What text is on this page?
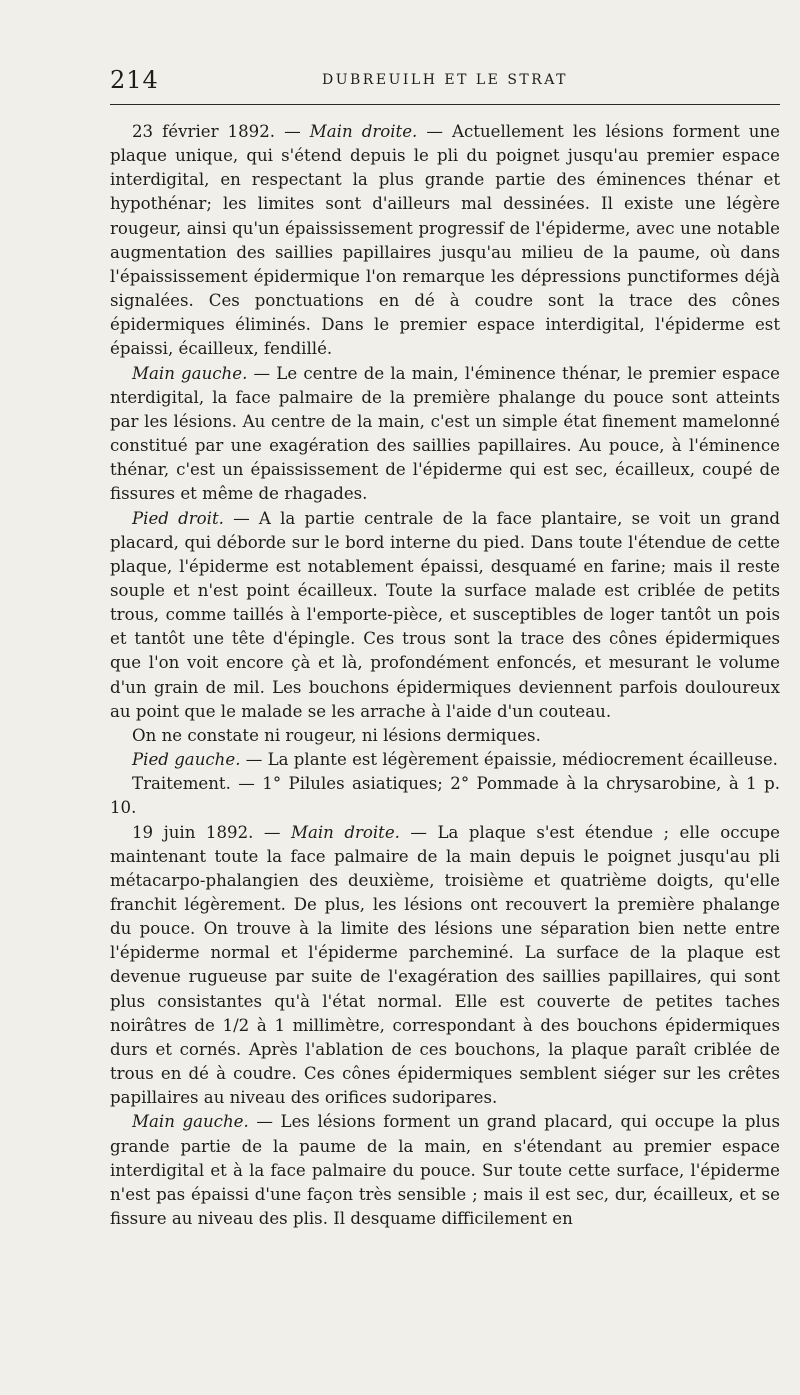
214	DUBREUILH ET LE STRAT

23 février 1892. — Main droite. — Actuellement les lésions forment une plaque unique, qui s'étend depuis le pli du poignet jusqu'au premier espace interdigital, en respectant la plus grande partie des éminences thénar et hypothénar; les limites sont d'ailleurs mal dessinées. Il existe une légère rougeur, ainsi qu'un épaississement progressif de l'épiderme, avec une notable augmentation des saillies papillaires jusqu'au milieu de la paume, où dans l'épaississement épidermique l'on remarque les dépressions punctiformes déjà signalées. Ces ponctuations en dé à coudre sont la trace des cônes épidermiques éliminés. Dans le premier espace interdigital, l'épiderme est épaissi, écailleux, fendillé.

Main gauche. — Le centre de la main, l'éminence thénar, le premier espace nterdigital, la face palmaire de la première phalange du pouce sont atteints par les lésions. Au centre de la main, c'est un simple état finement mamelonné constitué par une exagération des saillies papillaires. Au pouce, à l'éminence thénar, c'est un épaississement de l'épiderme qui est sec, écailleux, coupé de fissures et même de rhagades.

Pied droit. — A la partie centrale de la face plantaire, se voit un grand placard, qui déborde sur le bord interne du pied. Dans toute l'étendue de cette plaque, l'épiderme est notablement épaissi, desquamé en farine; mais il reste souple et n'est point écailleux. Toute la surface malade est criblée de petits trous, comme taillés à l'emporte-pièce, et susceptibles de loger tantôt un pois et tantôt une tête d'épingle. Ces trous sont la trace des cônes épidermiques que l'on voit encore çà et là, profondément enfoncés, et mesurant le volume d'un grain de mil. Les bouchons épidermiques deviennent parfois douloureux au point que le malade se les arrache à l'aide d'un couteau.

On ne constate ni rougeur, ni lésions dermiques.

Pied gauche. — La plante est légèrement épaissie, médiocrement écailleuse.

Traitement. — 1° Pilules asiatiques; 2° Pommade à la chrysarobine, à 1 p. 10.

19 juin 1892. — Main droite. — La plaque s'est étendue ; elle occupe maintenant toute la face palmaire de la main depuis le poignet jusqu'au pli métacarpo-phalangien des deuxième, troisième et quatrième doigts, qu'elle franchit légèrement. De plus, les lésions ont recouvert la première phalange du pouce. On trouve à la limite des lésions une séparation bien nette entre l'épiderme normal et l'épiderme parcheminé. La surface de la plaque est devenue rugueuse par suite de l'exagération des saillies papillaires, qui sont plus consistantes qu'à l'état normal. Elle est couverte de petites taches noirâtres de 1/2 à 1 millimètre, correspondant à des bouchons épidermiques durs et cornés. Après l'ablation de ces bouchons, la plaque paraît criblée de trous en dé à coudre. Ces cônes épidermiques semblent siéger sur les crêtes papillaires au niveau des orifices sudoripares.

Main gauche. — Les lésions forment un grand placard, qui occupe la plus grande partie de la paume de la main, en s'étendant au premier espace interdigital et à la face palmaire du pouce. Sur toute cette surface, l'épiderme n'est pas épaissi d'une façon très sensible ; mais il est sec, dur, écailleux, et se fissure au niveau des plis. Il desquame difficilement en
